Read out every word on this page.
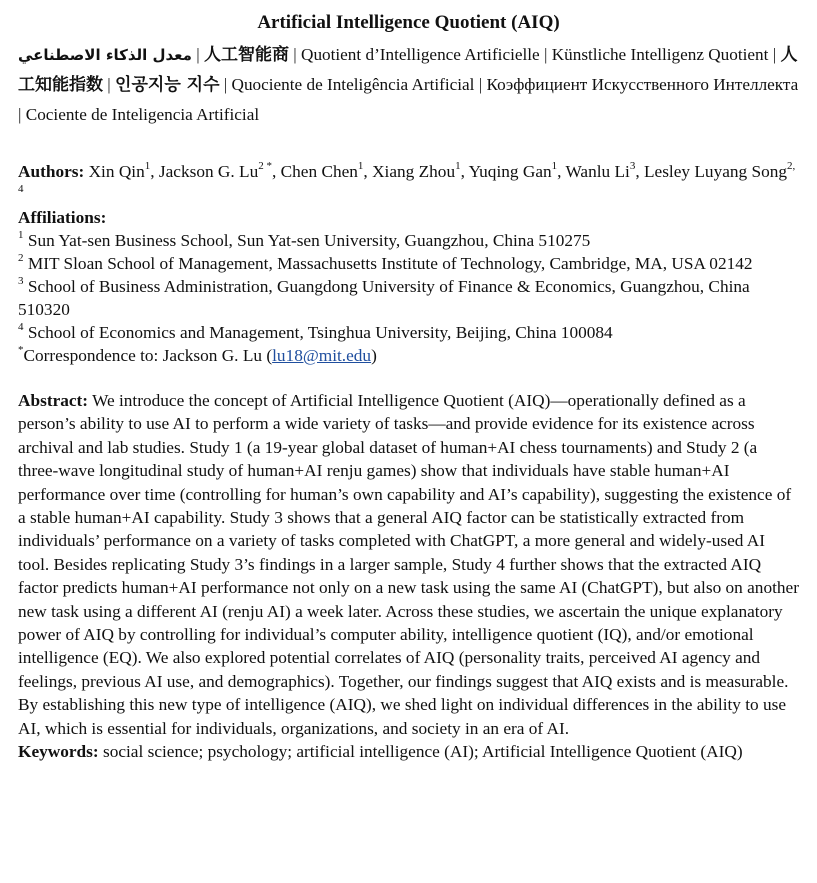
Artificial Intelligence Quotient (AIQ)

معدل الذكاء الاصطناعي | 人工智能商 | Quotient d’Intelligence Artificielle | Künstliche Intelligenz Quotient | 人工知能指数 | 인공지능 지수 | Quociente de Inteligência Artificial | Коэффициент Искусственного Интеллекта | Cociente de Inteligencia Artificial

Authors: Xin Qin$^1$, Jackson G. $Lu^{2 *}$, Chen Chen$^1$, Xiang Zhou$^1$, Yuqing Gan$^1$, Wanlu Li$^3$, Lesley Luyang Song$^{2, 4}$

Affiliations:

$^1$ Sun Yat-sen Business School, Sun Yat-sen University, Guangzhou, China 510275

$^2$ MIT Sloan School of Management, Massachusetts Institute of Technology, Cambridge, MA, USA 02142

$^3$ School of Business Administration, Guangdong University of Finance & Economics, Guangzhou, China 510320

$^4$ School of Economics and Management, Tsinghua University, Beijing, China 100084

*Correspondence to: Jackson G. Lu (lu18@mit.edu)

Abstract: We introduce the concept of Artificial Intelligence Quotient (AIQ)—operationally defined as a person’s ability to use AI to perform a wide variety of tasks—and provide evidence for its existence across archival and lab studies. Study 1 (a 19-year global dataset of human+AI chess tournaments) and Study 2 (a three-wave longitudinal study of human+AI renju games) show that individuals have stable human+AI performance over time (controlling for human’s own capability and AI’s capability), suggesting the existence of a stable human+AI capability. Study 3 shows that a general AIQ factor can be statistically extracted from individuals’ performance on a variety of tasks completed with ChatGPT, a more general and widely-used AI tool. Besides replicating Study 3’s findings in a larger sample, Study 4 further shows that the extracted AIQ factor predicts human+AI performance not only on a new task using the same AI (ChatGPT), but also on another new task using a different AI (renju AI) a week later. Across these studies, we ascertain the unique explanatory power of AIQ by controlling for individual’s computer ability, intelligence quotient (IQ), and/or emotional intelligence (EQ). We also explored potential correlates of AIQ (personality traits, perceived AI agency and feelings, previous AI use, and demographics). Together, our findings suggest that AIQ exists and is measurable. By establishing this new type of intelligence (AIQ), we shed light on individual differences in the ability to use AI, which is essential for individuals, organizations, and society in an era of AI.

Keywords: social science; psychology; artificial intelligence (AI); Artificial Intelligence Quotient (AIQ)
